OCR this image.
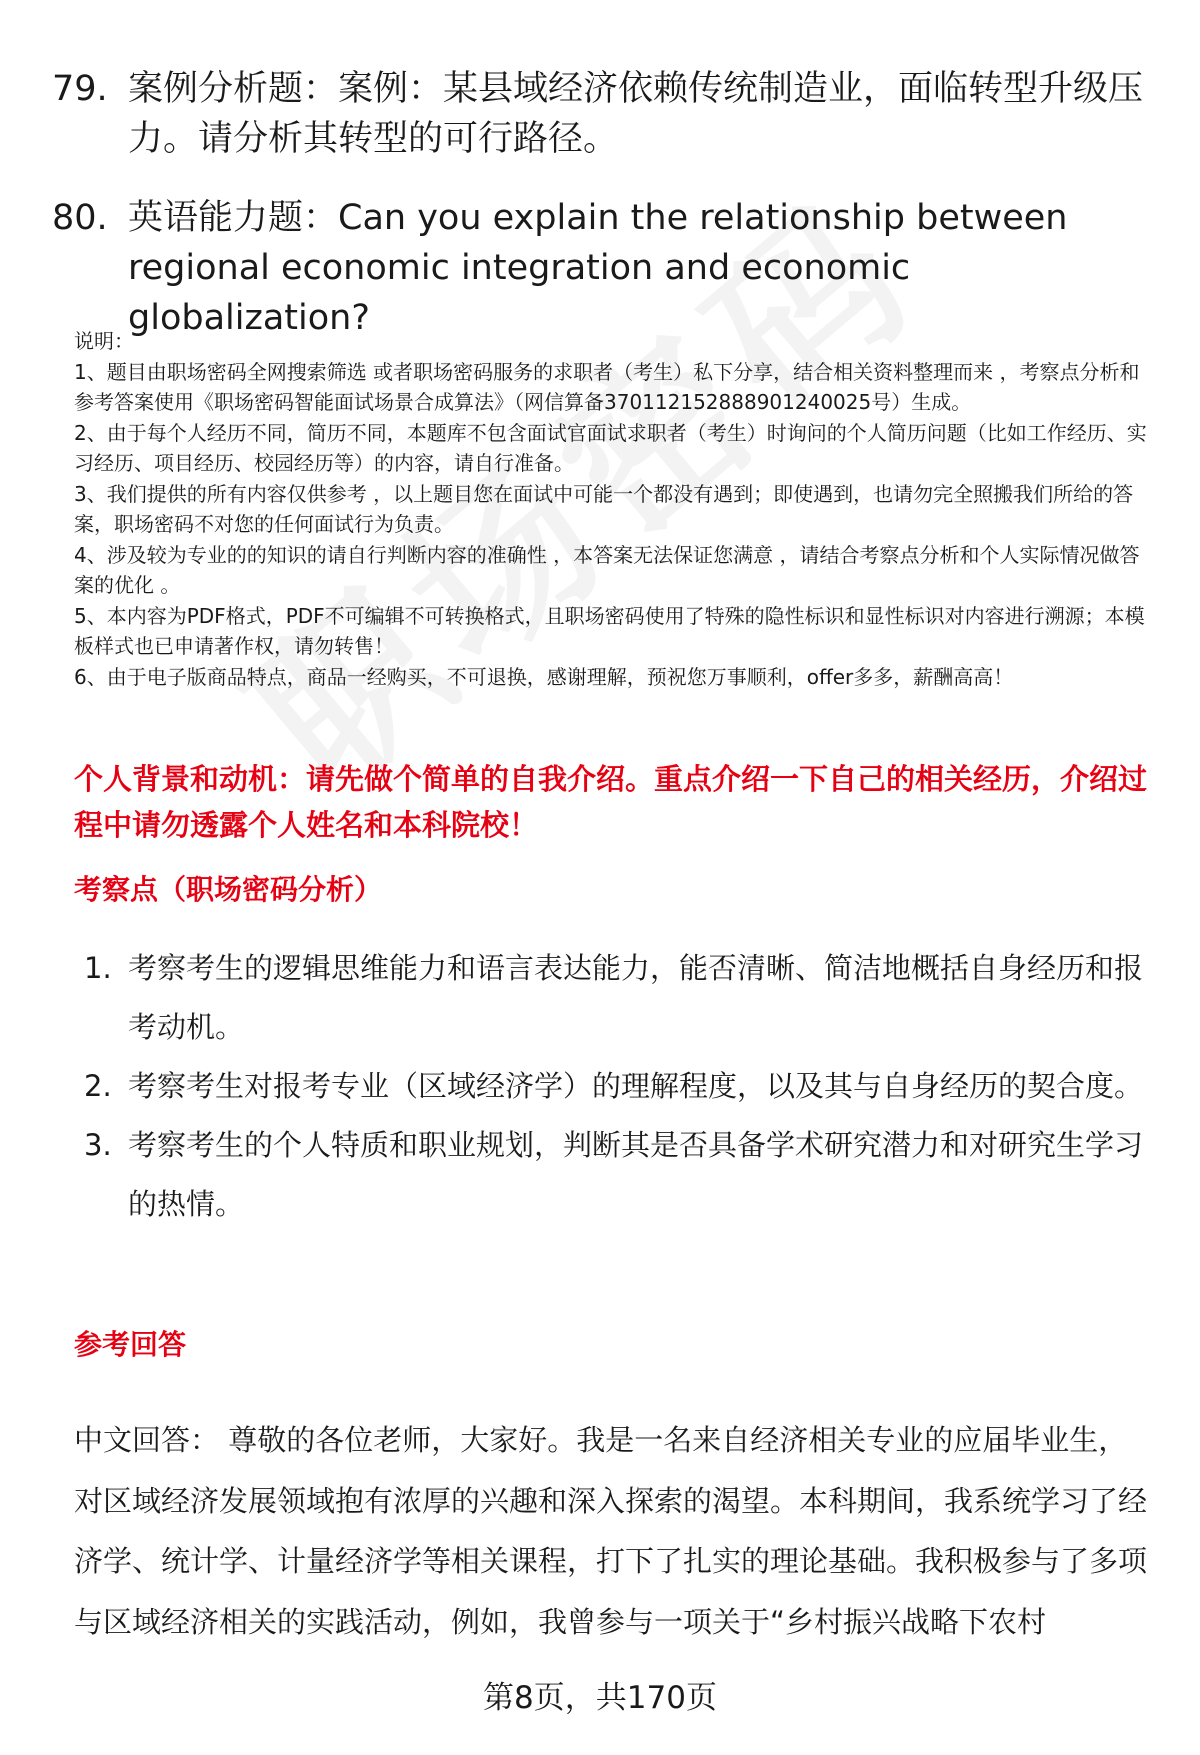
79. 案例分析题：案例：某县域经济依赖传统制造业，面临转型升级压力。请分析其转型的可行路径。
80. 英语能力题：Can you explain the relationship between regional economic integration and economic globalization?
说明：
1、题目由职场密码全网搜索筛选 或者职场密码服务的求职者（考生）私下分享，结合相关资料整理而来 ，考察点分析和参考答案使用《职场密码智能面试场景合成算法》（网信算备370112152888901240025号）生成。
2、由于每个人经历不同，简历不同，本题库不包含面试官面试求职者（考生）时询问的个人简历问题（比如工作经历、实习经历、项目经历、校园经历等）的内容，请自行准备。
3、我们提供的所有内容仅供参考 ，以上题目您在面试中可能一个都没有遇到；即使遇到，也请勿完全照搬我们所给的答案，职场密码不对您的任何面试行为负责。
4、涉及较为专业的的知识的请自行判断内容的准确性 ，本答案无法保证您满意 ，请结合考察点分析和个人实际情况做答案的优化 。
5、本内容为PDF格式，PDF不可编辑不可转换格式，且职场密码使用了特殊的隐性标识和显性标识对内容进行溯源；本模板样式也已申请著作权，请勿转售！
6、由于电子版商品特点，商品一经购买，不可退换，感谢理解，预祝您万事顺利，offer多多，薪酬高高！
个人背景和动机：请先做个简单的自我介绍。重点介绍一下自己的相关经历，介绍过程中请勿透露个人姓名和本科院校！
考察点（职场密码分析）
1. 考察考生的逻辑思维能力和语言表达能力，能否清晰、简洁地概括自身经历和报考动机。
2. 考察考生对报考专业（区域经济学）的理解程度，以及其与自身经历的契合度。
3. 考察考生的个人特质和职业规划，判断其是否具备学术研究潜力和对研究生学习的热情。
参考回答
中文回答： 尊敬的各位老师，大家好。我是一名来自经济相关专业的应届毕业生，对区域经济发展领域抱有浓厚的兴趣和深入探索的渴望。本科期间，我系统学习了经济学、统计学、计量经济学等相关课程，打下了扎实的理论基础。我积极参与了多项与区域经济相关的实践活动，例如，我曾参与一项关于“乡村振兴战略下农村
第8页，共170页
